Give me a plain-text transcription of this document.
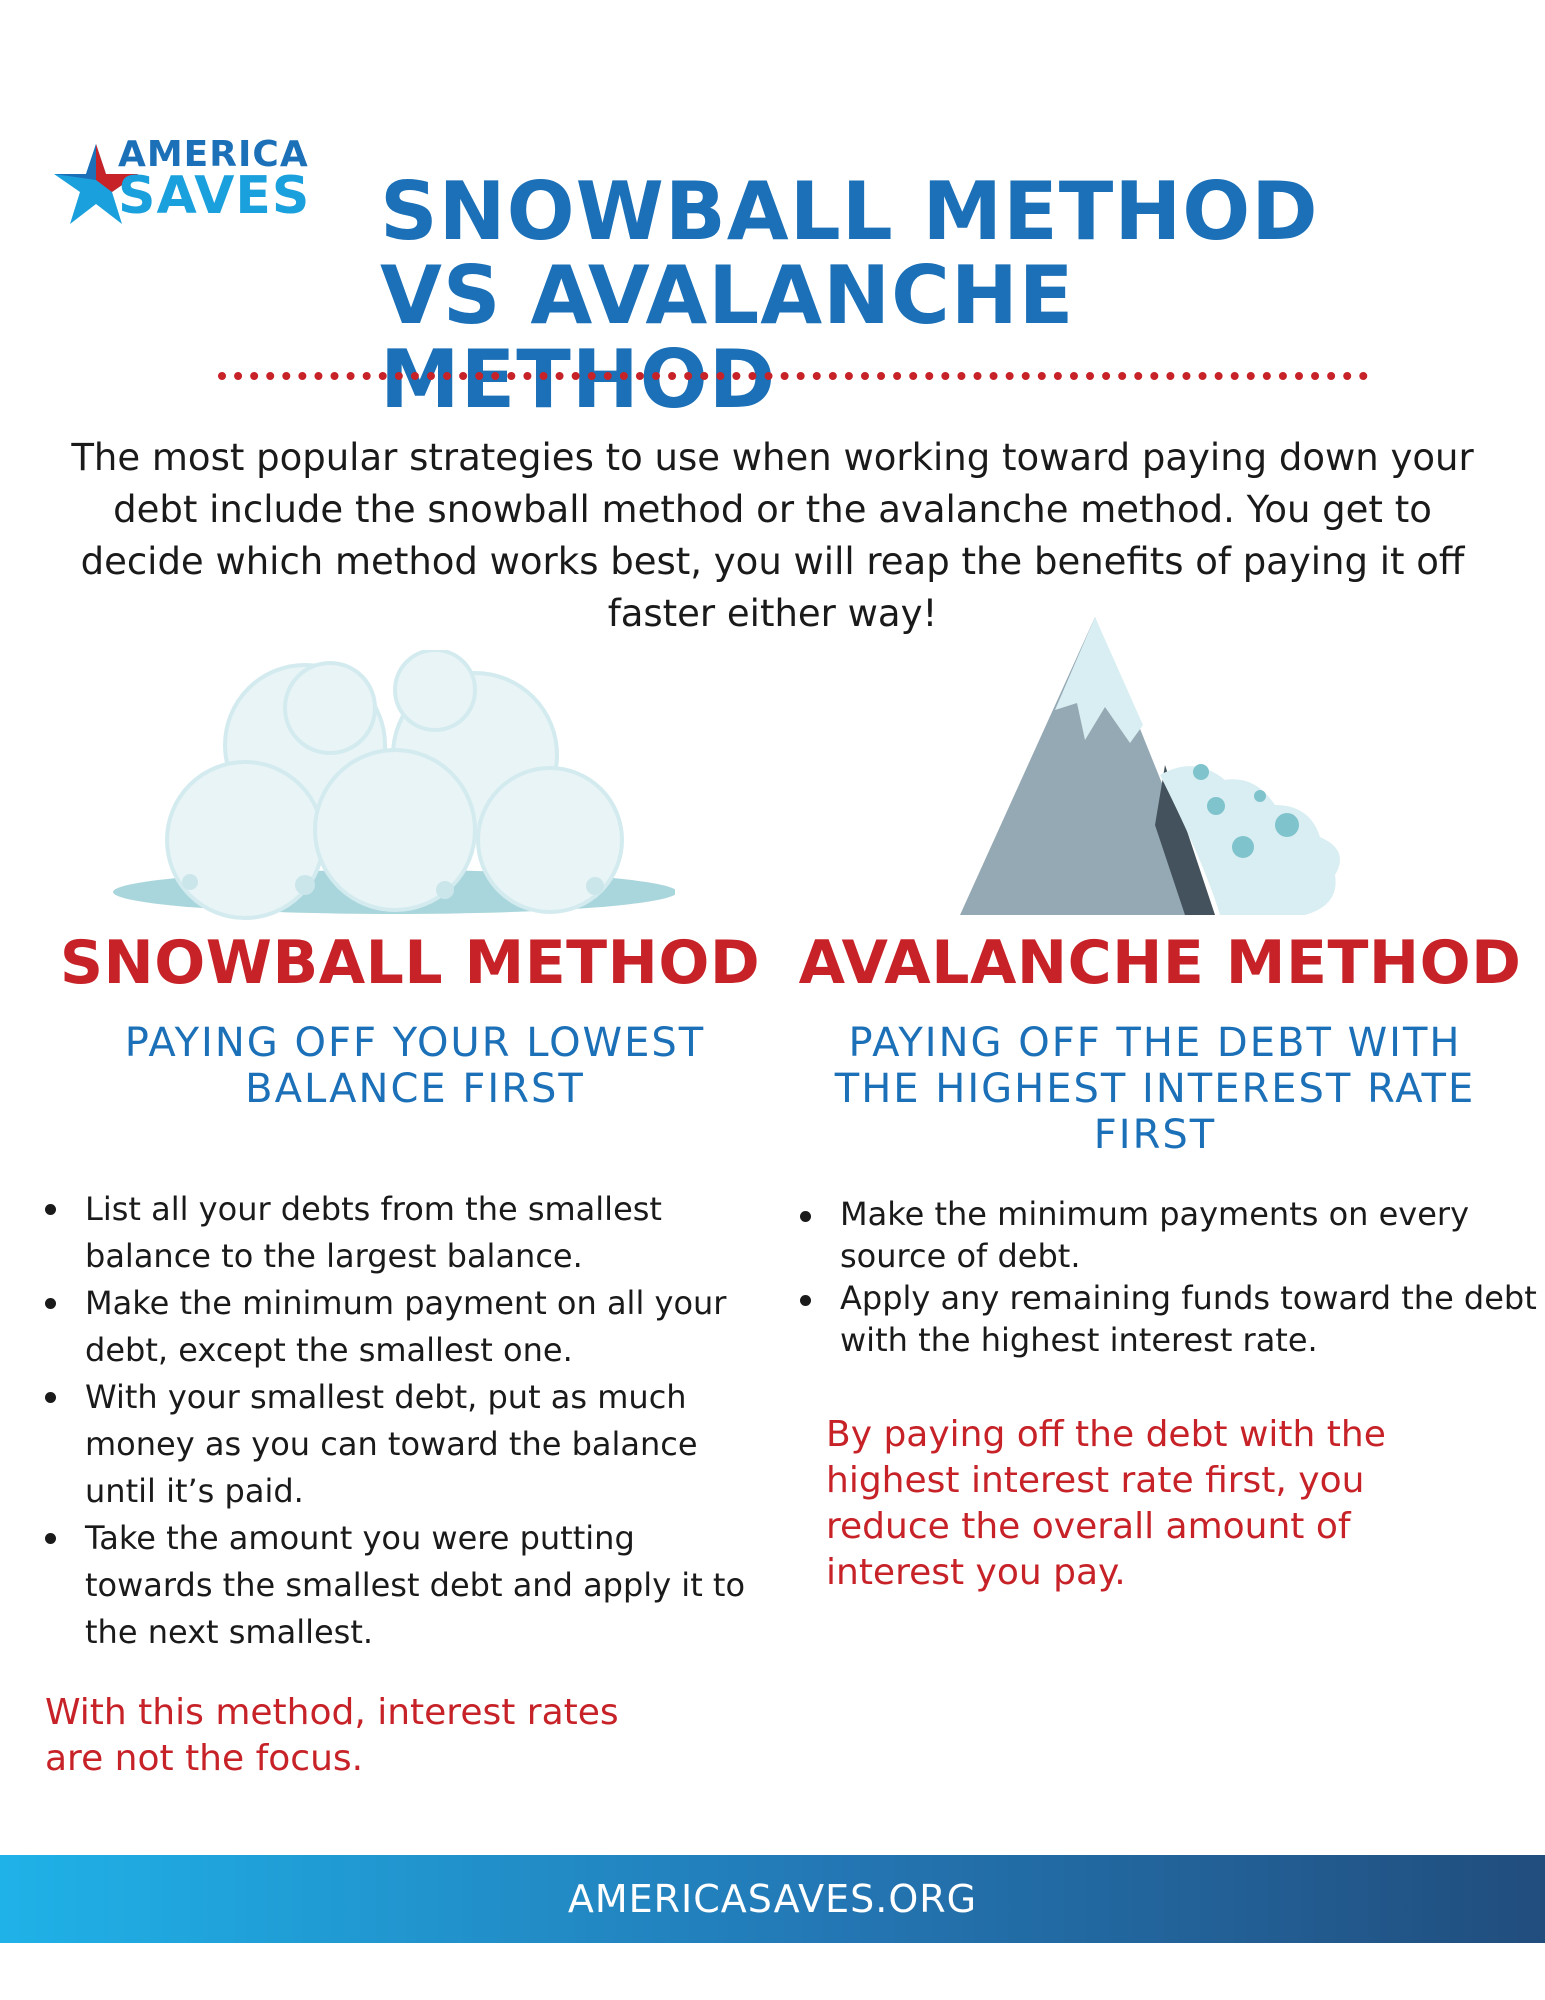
AMERICA
SAVES SNOWBALL METHOD VS AVALANCHE METHOD
The most popular strategies to use when working toward paying down your debt include the snowball method or the avalanche method. You get to decide which method works best, you will reap the benefits of paying it off faster either way!
SNOWBALL METHOD
PAYING OFF YOUR LOWEST BALANCE FIRST
List all your debts from the smallest balance to the largest balance.
Make the minimum payment on all your debt, except the smallest one.
With your smallest debt, put as much money as you can toward the balance until it’s paid.
Take the amount you were putting towards the smallest debt and apply it to the next smallest.
With this method, interest rates are not the focus.
AVALANCHE METHOD
PAYING OFF THE DEBT WITH THE HIGHEST INTEREST RATE FIRST
Make the minimum payments on every source of debt.
Apply any remaining funds toward the debt with the highest interest rate.
By paying off the debt with the highest interest rate first, you reduce the overall amount of interest you pay.
AMERICASAVES.ORG
